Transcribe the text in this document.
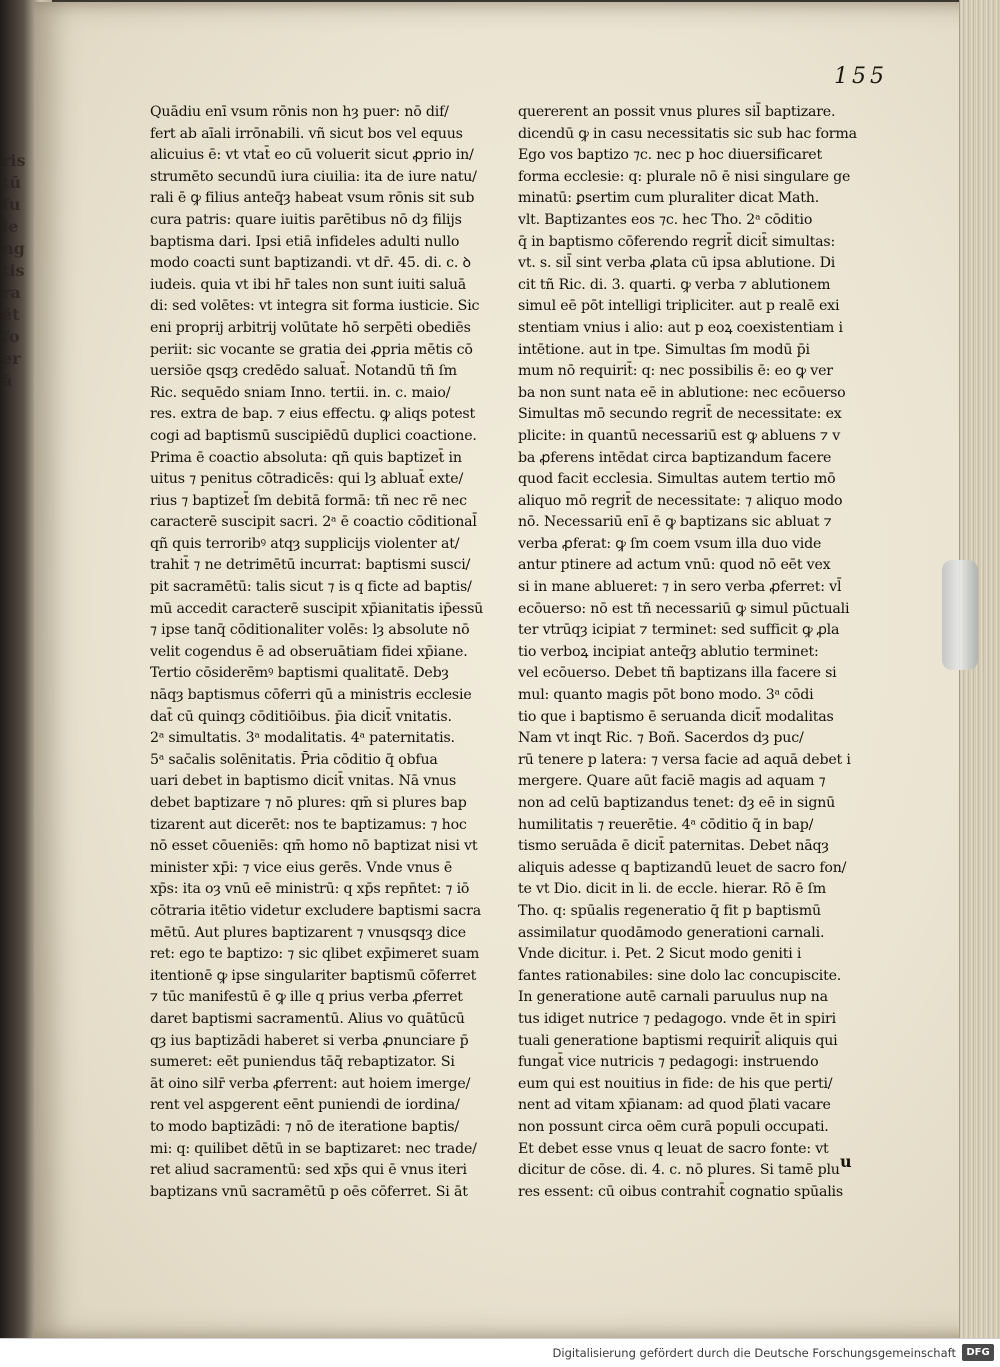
ris
tū
fu
le
ng
tis
ra
ēt
fo
er
ā
155
Quādiu enī vsum rōnis non hȝ puer: nō dif/
fert ab aīali irrōnabili. vñ sicut bos vel equus
alicuius ē: vt vtat̄ eo cū voluerit sicut ꝓprio in/
strumēto secundū iura ciuilia: ita de iure natu/
rali ē ꝙ filius anteq̄ȝ habeat vsum rōnis sit sub
cura patris: quare iuitis parētibus nō dȝ filijs
baptisma dari. Ipsi etiā infideles adulti nullo
modo coacti sunt baptizandi. vt dr̄. 45. di. c. ꝺ
iudeis. quia vt ibi hr̄ tales non sunt iuiti saluā
di: sed volētes: vt integra sit forma iusticie. Sic
eni proprij arbitrij volūtate hō serpēti obediēs
periit: sic vocante se gratia dei ꝓpria mētis cō
uersiōe qsqȝ credēdo saluat̄. Notandū tñ ſm
Ric. sequēdo sniam Inno. tertii. in. c. maio/
res. extra de bap. ⁊ eius effectu. ꝙ aliqs potest
cogi ad baptismū suscipiēdū duplici coactione.
Prima ē coactio absoluta: qñ quis baptizet̄ in
uitus ⁊ penitus cōtradicēs: qui lȝ abluat̄ exte/
rius ⁊ baptizet̄ ſm debitā formā: tñ nec rē nec
caracterē suscipit sacri. 2ᵃ ē coactio cōditional̄
qñ quis terroribꝰ atqȝ supplicijs violenter at/
trahit̄ ⁊ ne detrimētū incurrat: baptismi susci/
pit sacramētū: talis sicut ⁊ is q ficte ad baptis/
mū accedit caracterē suscipit xp̄ianitatis ip̄essū
⁊ ipse tanq̄ cōditionaliter volēs: lȝ absolute nō
velit cogendus ē ad obseruātiam fidei xp̄iane.
Tertio cōsiderēmꝰ baptismi qualitatē. Debȝ
nāqȝ baptismus cōferri qū a ministris ecclesie
dat̄ cū quinqȝ cōditiōibus. p̄ia dicit̄ vnitatis.
2ᵃ simultatis. 3ᵃ modalitatis. 4ᵃ paternitatis.
5ᵃ sac̄alis solēnitatis. P̄ria cōditio q̄ obfua
uari debet in baptismo dicit̄ vnitas. Nā vnus
debet baptizare ⁊ nō plures: qm̄ si plures bap
tizarent aut dicerēt: nos te baptizamus: ⁊ hoc
nō esset cōueniēs: qm̄ homo nō baptizat nisi vt
minister xp̄i: ⁊ vice eius gerēs. Vnde vnus ē
xp̄s: ita oȝ vnū eē ministrū: q xp̄s repn̄tet: ⁊ iō
cōtraria itētio videtur excludere baptismi sacra
mētū. Aut plures baptizarent ⁊ vnusqsqȝ dice
ret: ego te baptizo: ⁊ sic qlibet exp̄imeret suam
itentionē ꝙ ipse singulariter baptismū cōferret
⁊ tūc manifestū ē ꝙ ille q prius verba ꝓferret
daret baptismi sacramentū. Alius vo quātūcū
qȝ ius baptizādi haberet si verba ꝓnunciare p̄
sumeret: eēt puniendus tāq̄ rebaptizator. Si
āt oino silr̄ verba ꝓferrent: aut hoiem imerge/
rent vel aspgerent eēnt puniendi de iordina/
to modo baptizādi: ⁊ nō de iteratione baptis/
mi: q: quilibet dētū in se baptizaret: nec trade/
ret aliud sacramentū: sed xp̄s qui ē vnus iteri
baptizans vnū sacramētū p oēs cōferret. Si āt
quererent an possit vnus plures sil̄ baptizare.
dicendū ꝙ in casu necessitatis sic sub hac forma
Ego vos baptizo ⁊c. nec p hoc diuersificaret
forma ecclesie: q: plurale nō ē nisi singulare ge
minatū: ꝑsertim cum pluraliter dicat Math.
vlt. Baptizantes eos ⁊c. hec Tho. 2ᵃ cōditio
q̄ in baptismo cōferendo regrit̄ dicit̄ simultas:
vt. s. sil̄ sint verba ꝓlata cū ipsa ablutione. Di
cit tñ Ric. di. 3. quarti. ꝙ verba ⁊ ablutionem
simul eē pōt intelligi tripliciter. aut p realē exi
stentiam vnius i alio: aut p eoꝝ coexistentiam i
intētione. aut in tpe. Simultas ſm modū p̄i
mum nō requirit̄: q: nec possibilis ē: eo ꝙ ver
ba non sunt nata eē in ablutione: nec ecōuerso
Simultas mō secundo regrit̄ de necessitate: ex
plicite: in quantū necessariū est ꝙ abluens ⁊ v
ba ꝓferens intēdat circa baptizandum facere
quod facit ecclesia. Simultas autem tertio mō
aliquo mō regrit̄ de necessitate: ⁊ aliquo modo
nō. Necessariū enī ē ꝙ baptizans sic abluat ⁊
verba ꝓferat: ꝙ ſm coem vsum illa duo vide
antur ptinere ad actum vnū: quod nō eēt vex
si in mane ablueret: ⁊ in sero verba ꝓferret: vl̄
ecōuerso: nō est tñ necessariū ꝙ simul pūctuali
ter vtrūqȝ icipiat ⁊ terminet: sed sufficit ꝙ ꝓla
tio verboꝝ incipiat anteq̄ȝ ablutio terminet:
vel ecōuerso. Debet tñ baptizans illa facere si
mul: quanto magis pōt bono modo. 3ᵃ cōdi
tio que i baptismo ē seruanda dicit̄ modalitas
Nam vt inqt Ric. ⁊ Boñ. Sacerdos dȝ puc/
rū tenere p latera: ⁊ versa facie ad aquā debet i
mergere. Quare aūt faciē magis ad aquam ⁊
non ad celū baptizandus tenet: dȝ eē in signū
humilitatis ⁊ reuerētie. 4ᵃ cōditio q̄ in bap/
tismo seruāda ē dicit̄ paternitas. Debet nāqȝ
aliquis adesse q baptizandū leuet de sacro fon/
te vt Dio. dicit in li. de eccle. hierar. Rō ē ſm
Tho. q: spūalis regeneratio q̄ fit p baptismū
assimilatur quodāmodo generationi carnali.
Vnde dicitur. i. Pet. 2 Sicut modo geniti i
fantes rationabiles: sine dolo lac concupiscite.
In generatione autē carnali paruulus nup na
tus idiget nutrice ⁊ pedagogo. vnde ēt in spiri
tuali generatione baptismi requirit̄ aliquis qui
fungat̄ vice nutricis ⁊ pedagogi: instruendo
eum qui est nouitius in fide: de his que perti/
nent ad vitam xp̄ianam: ad quod p̄lati vacare
non possunt circa oēm curā populi occupati.
Et debet esse vnus q leuat de sacro fonte: vt
dicitur de cōse. di. 4. c. nō plures. Si tamē plu
res essent: cū oibus contrahit̄ cognatio spūalis
u
Digitalisierung gefördert durch die Deutsche Forschungsgemeinschaft	DFG
